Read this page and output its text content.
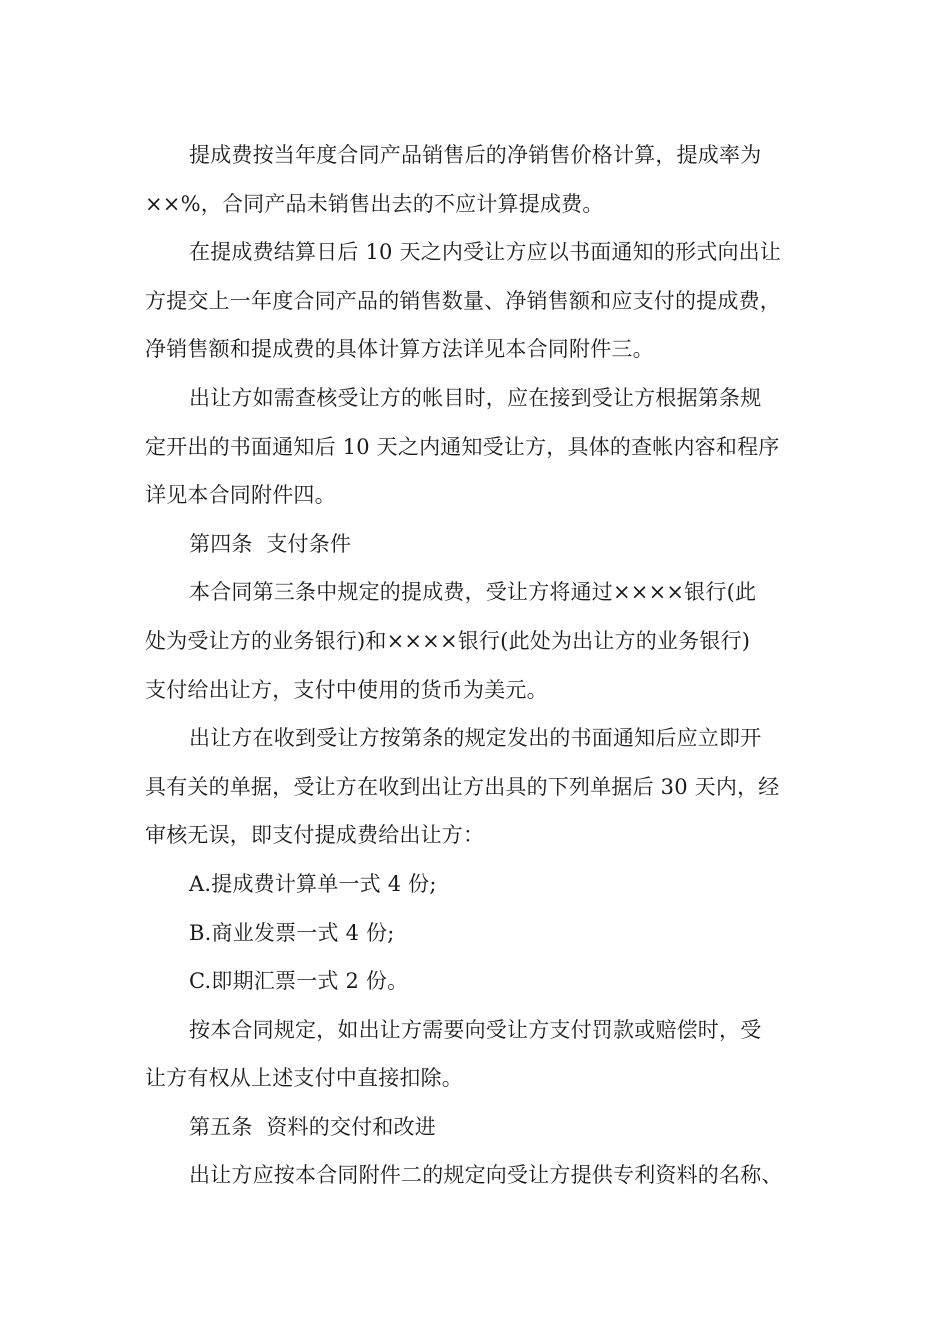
提成费按当年度合同产品销售后的净销售价格计算，提成率为
××%，合同产品未销售出去的不应计算提成费。

在提成费结算日后 10 天之内受让方应以书面通知的形式向出让
方提交上一年度合同产品的销售数量、净销售额和应支付的提成费，
净销售额和提成费的具体计算方法详见本合同附件三。

出让方如需查核受让方的帐目时，应在接到受让方根据第条规
定开出的书面通知后 10 天之内通知受让方，具体的查帐内容和程序
详见本合同附件四。

第四条  支付条件

本合同第三条中规定的提成费，受让方将通过××××银行(此
处为受让方的业务银行)和××××银行(此处为出让方的业务银行)
支付给出让方，支付中使用的货币为美元。

出让方在收到受让方按第条的规定发出的书面通知后应立即开
具有关的单据，受让方在收到出让方出具的下列单据后 30 天内，经
审核无误，即支付提成费给出让方：

A.提成费计算单一式 4 份;

B.商业发票一式 4 份;

C.即期汇票一式 2 份。

按本合同规定，如出让方需要向受让方支付罚款或赔偿时，受
让方有权从上述支付中直接扣除。

第五条  资料的交付和改进

出让方应按本合同附件二的规定向受让方提供专利资料的名称、
